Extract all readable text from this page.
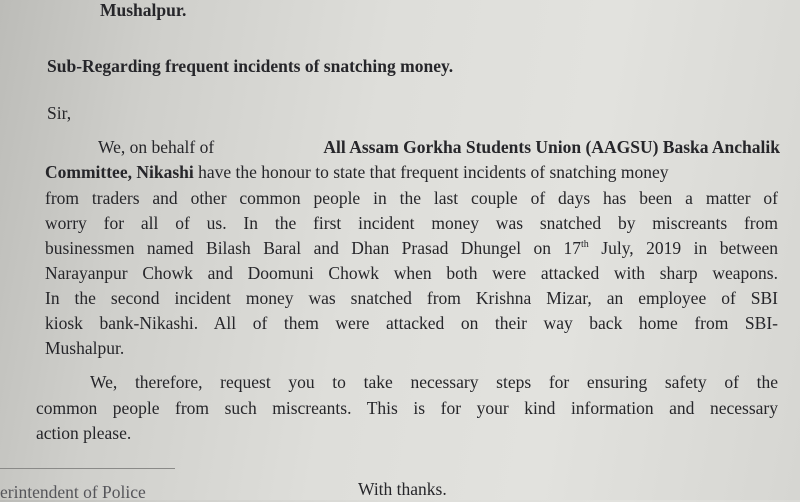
Mushalpur.
Sub-Regarding frequent incidents of snatching money.
Sir,
We, on behalf of	All Assam Gorkha Students Union (AAGSU) Baska Anchalik
Committee, Nikashi have the honour to state that frequent incidents of snatching money
from traders and other common people in the last couple of days has been a matter of
worry for all of us. In the first incident money was snatched by miscreants from
businessmen named Bilash Baral and Dhan Prasad Dhungel on 17th July, 2019 in between
Narayanpur Chowk and Doomuni Chowk when both were attacked with sharp weapons.
In the second incident money was snatched from Krishna Mizar, an employee of SBI
kiosk bank-Nikashi. All of them were attacked on their way back home from SBI-
Mushalpur.
We, therefore, request you to take necessary steps for ensuring safety of the
common people from such miscreants. This is for your kind information and necessary
action please.
erintendent of Police	With thanks.
